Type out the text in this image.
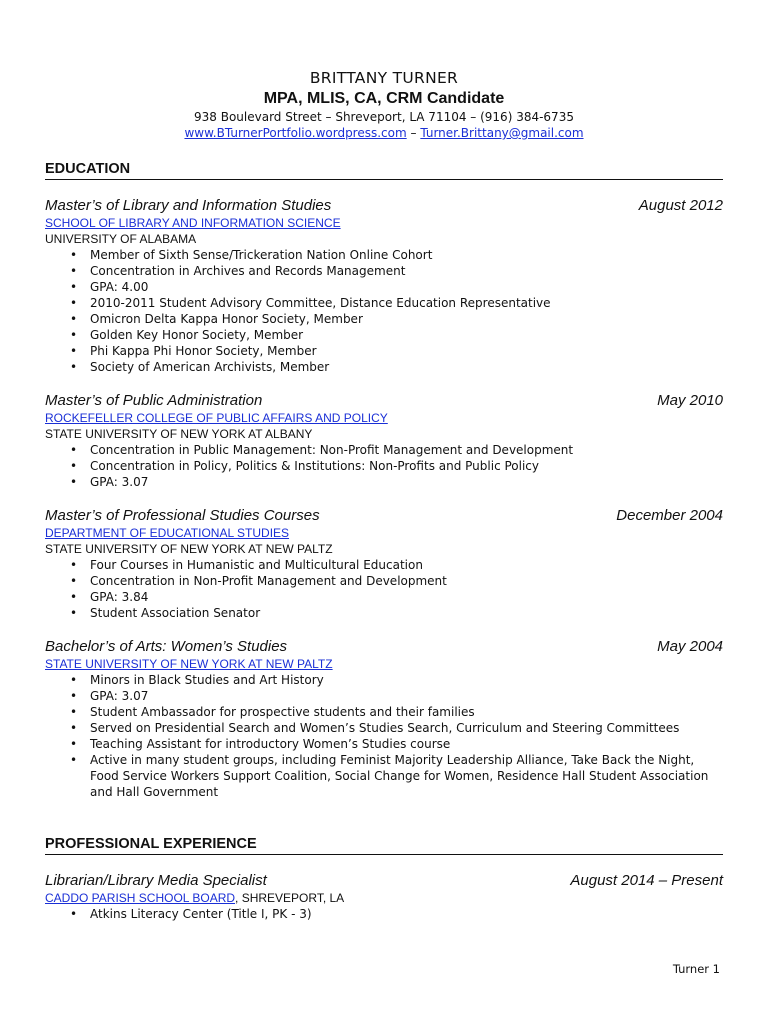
BRITTANY TURNER
MPA, MLIS, CA, CRM Candidate
938 Boulevard Street – Shreveport, LA 71104 – (916) 384-6735
www.BTurnerPortfolio.wordpress.com – Turner.Brittany@gmail.com
EDUCATION
Master’s of Library and Information Studies	August 2012
SCHOOL OF LIBRARY AND INFORMATION SCIENCE
UNIVERSITY OF ALABAMA
• Member of Sixth Sense/Trickeration Nation Online Cohort
• Concentration in Archives and Records Management
• GPA: 4.00
• 2010-2011 Student Advisory Committee, Distance Education Representative
• Omicron Delta Kappa Honor Society, Member
• Golden Key Honor Society, Member
• Phi Kappa Phi Honor Society, Member
• Society of American Archivists, Member
Master’s of Public Administration	May 2010
ROCKEFELLER COLLEGE OF PUBLIC AFFAIRS AND POLICY
STATE UNIVERSITY OF NEW YORK AT ALBANY
• Concentration in Public Management: Non-Profit Management and Development
• Concentration in Policy, Politics & Institutions: Non-Profits and Public Policy
• GPA: 3.07
Master’s of Professional Studies Courses	December 2004
DEPARTMENT OF EDUCATIONAL STUDIES
STATE UNIVERSITY OF NEW YORK AT NEW PALTZ
• Four Courses in Humanistic and Multicultural Education
• Concentration in Non-Profit Management and Development
• GPA: 3.84
• Student Association Senator
Bachelor’s of Arts: Women’s Studies	May 2004
STATE UNIVERSITY OF NEW YORK AT NEW PALTZ
• Minors in Black Studies and Art History
• GPA: 3.07
• Student Ambassador for prospective students and their families
• Served on Presidential Search and Women’s Studies Search, Curriculum and Steering Committees
• Teaching Assistant for introductory Women’s Studies course
• Active in many student groups, including Feminist Majority Leadership Alliance, Take Back the Night, Food Service Workers Support Coalition, Social Change for Women, Residence Hall Student Association and Hall Government
PROFESSIONAL EXPERIENCE
Librarian/Library Media Specialist	August 2014 – Present
CADDO PARISH SCHOOL BOARD, SHREVEPORT, LA
• Atkins Literacy Center (Title I, PK - 3)
Turner 1
